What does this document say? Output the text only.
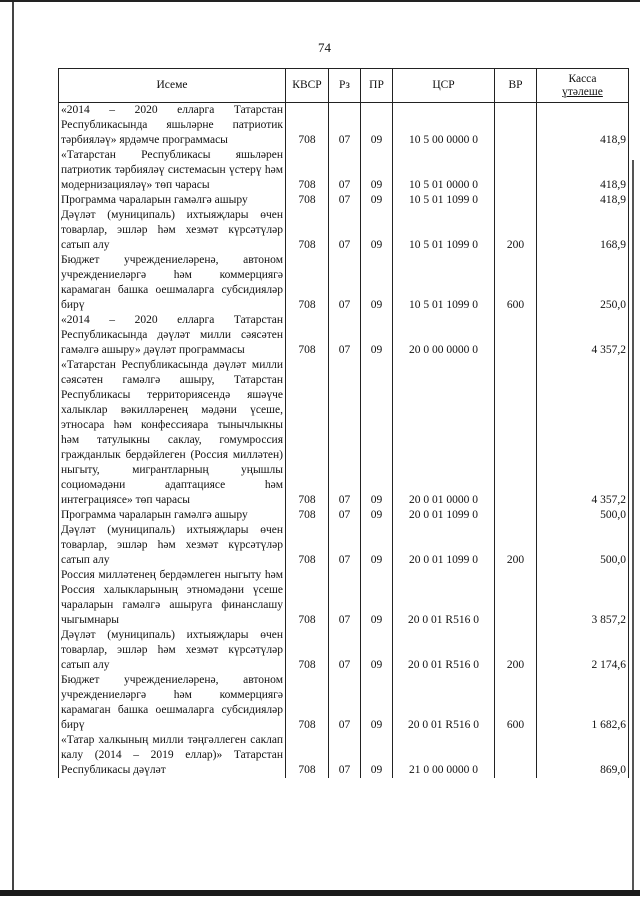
74
Исеме	КВСР	Рз	ПР	ЦСР	ВР	Касса
үтәлеше

«2014 – 2020 елларга Татарстан Республикасында яшьләрне патриотик тәрбияләү» ярдәмче программасы	708	07	09	10 5 00 0000 0		418,9
«Татарстан Республикасы яшьләрен патриотик тәрбияләү системасын үстерү һәм модернизацияләү» төп чарасы	708	07	09	10 5 01 0000 0		418,9
Программа чараларын гамәлгә ашыру	708	07	09	10 5 01 1099 0		418,9
Дәүләт (муниципаль) ихтыяҗлары өчен товарлар, эшләр һәм хезмәт күрсәтүләр сатып алу	708	07	09	10 5 01 1099 0	200	168,9
Бюджет учреждениеләренә, автоном учреждениеләргә һәм коммерциягә карамаган башка оешмаларга субсидияләр бирү	708	07	09	10 5 01 1099 0	600	250,0
«2014 – 2020 елларга Татарстан Республикасында дәүләт милли сәясәтен гамәлгә ашыру» дәүләт программасы	708	07	09	20 0 00 0000 0		4 357,2
«Татарстан Республикасында дәүләт милли сәясәтен гамәлгә ашыру, Татарстан Республикасы территориясендә яшәүче халыклар вәкилләренең мәдәни үсеше, этносара һәм конфессияара тынычлыкны һәм татулыкны саклау, гомумроссия гражданлык бердәйлеген (Россия милләтен) ныгыту, мигрантларның уңышлы социомәдәни адаптациясе һәм интеграциясе» төп чарасы	708	07	09	20 0 01 0000 0		4 357,2
Программа чараларын гамәлгә ашыру	708	07	09	20 0 01 1099 0		500,0
Дәүләт (муниципаль) ихтыяҗлары өчен товарлар, эшләр һәм хезмәт күрсәтүләр сатып алу	708	07	09	20 0 01 1099 0	200	500,0
Россия милләтенең бердәмлеген ныгыту һәм Россия халыкларының этномәдәни үсеше чараларын гамәлгә ашыруга финанслашу чыгымнары	708	07	09	20 0 01 R516 0		3 857,2
Дәүләт (муниципаль) ихтыяҗлары өчен товарлар, эшләр һәм хезмәт күрсәтүләр сатып алу	708	07	09	20 0 01 R516 0	200	2 174,6
Бюджет учреждениеләренә, автоном учреждениеләргә һәм коммерциягә карамаган башка оешмаларга субсидияләр бирү	708	07	09	20 0 01 R516 0	600	1 682,6
«Татар халкының милли тәңгәллеген саклап калу (2014 – 2019 еллар)» Татарстан Республикасы дәүләт	708	07	09	21 0 00 0000 0		869,0
